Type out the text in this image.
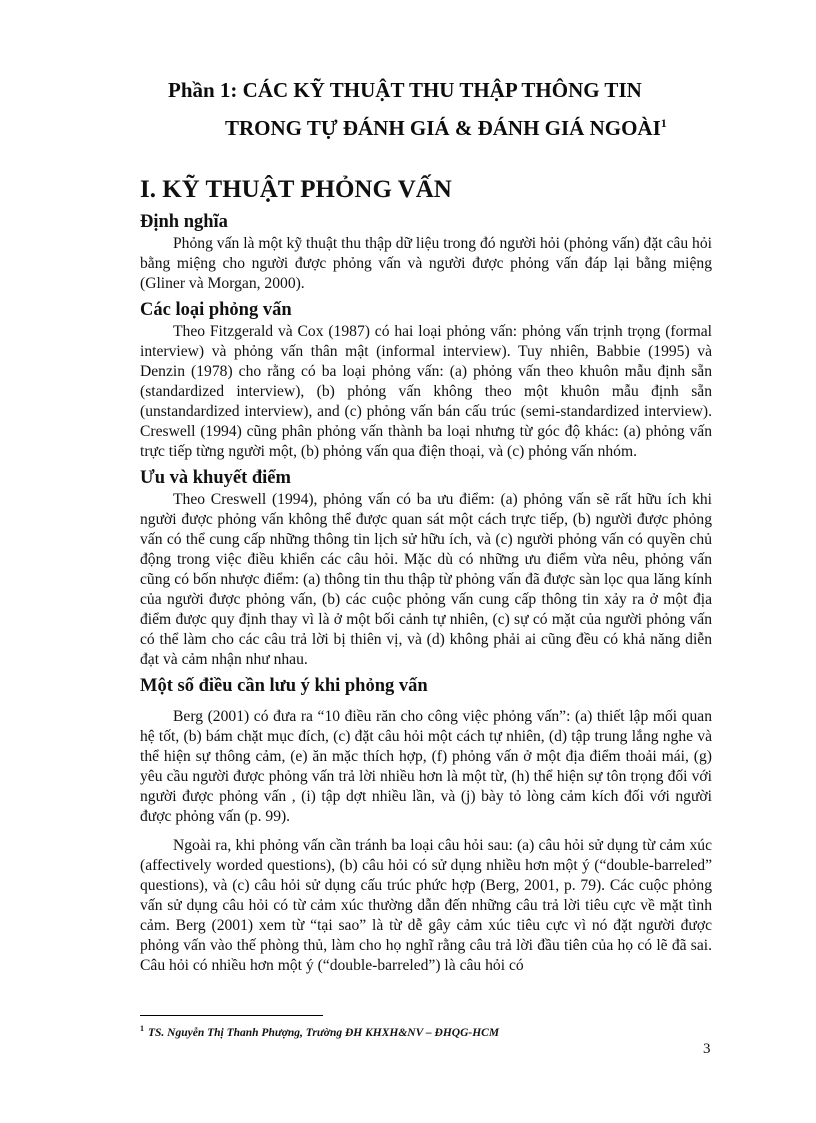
Phần 1: CÁC KỸ THUẬT THU THẬP THÔNG TIN
TRONG TỰ ĐÁNH GIÁ & ĐÁNH GIÁ NGOÀI$^1$
I. KỸ THUẬT PHỎNG VẤN
Định nghĩa

Phỏng vấn là một kỹ thuật thu thập dữ liệu trong đó người hỏi (phỏng vấn) đặt câu hỏi bằng miệng cho người được phỏng vấn và người được phỏng vấn đáp lại bằng miệng (Gliner và Morgan, 2000).

Các loại phỏng vấn

Theo Fitzgerald và Cox (1987) có hai loại phỏng vấn: phỏng vấn trịnh trọng (formal interview) và phỏng vấn thân mật (informal interview). Tuy nhiên, Babbie (1995) và Denzin (1978) cho rằng có ba loại phỏng vấn: (a) phỏng vấn theo khuôn mẫu định sẵn (standardized interview), (b) phỏng vấn không theo một khuôn mẫu định sẵn (unstandardized interview), and (c) phỏng vấn bán cấu trúc (semi-standardized interview). Creswell (1994) cũng phân phỏng vấn thành ba loại nhưng từ góc độ khác: (a) phỏng vấn trực tiếp từng người một, (b) phỏng vấn qua điện thoại, và (c) phỏng vấn nhóm.

Ưu và khuyết điểm

Theo Creswell (1994), phỏng vấn có ba ưu điểm: (a) phỏng vấn sẽ rất hữu ích khi người được phỏng vấn không thể được quan sát một cách trực tiếp, (b) người được phỏng vấn có thể cung cấp những thông tin lịch sử hữu ích, và (c) người phỏng vấn có quyền chủ động trong việc điều khiển các câu hỏi. Mặc dù có những ưu điểm vừa nêu, phỏng vấn cũng có bốn nhược điểm: (a) thông tin thu thập từ phỏng vấn đã được sàn lọc qua lăng kính của người được phỏng vấn, (b) các cuộc phỏng vấn cung cấp thông tin xảy ra ở một địa điểm được quy định thay vì là ở một bối cảnh tự nhiên, (c) sự có mặt của người phỏng vấn có thể làm cho các câu trả lời bị thiên vị, và (d) không phải ai cũng đều có khả năng diễn đạt và cảm nhận như nhau.

Một số điều cần lưu ý khi phỏng vấn

Berg (2001) có đưa ra “10 điều răn cho công việc phỏng vấn”: (a) thiết lập mối quan hệ tốt, (b) bám chặt mục đích, (c) đặt câu hỏi một cách tự nhiên, (d) tập trung lắng nghe và thể hiện sự thông cảm, (e) ăn mặc thích hợp, (f) phỏng vấn ở một địa điểm thoải mái, (g) yêu cầu người được phỏng vấn trả lời nhiều hơn là một từ, (h) thể hiện sự tôn trọng đối với người được phỏng vấn , (i) tập dợt nhiều lần, và (j) bày tỏ lòng cảm kích đối với người được phỏng vấn (p. 99).

Ngoài ra, khi phỏng vấn cần tránh ba loại câu hỏi sau: (a) câu hỏi sử dụng từ cảm xúc (affectively worded questions), (b) câu hỏi có sử dụng nhiều hơn một ý (“double-barreled” questions), và (c) câu hỏi sử dụng cấu trúc phức hợp (Berg, 2001, p. 79). Các cuộc phỏng vấn sử dụng câu hỏi có từ cảm xúc thường dẫn đến những câu trả lời tiêu cực về mặt tình cảm. Berg (2001) xem từ “tại sao” là từ dễ gây cảm xúc tiêu cực vì nó đặt người được phỏng vấn vào thế phòng thủ, làm cho họ nghĩ rằng câu trả lời đầu tiên của họ có lẽ đã sai. Câu hỏi có nhiều hơn một ý (“double-barreled”) là câu hỏi có

$^1$ TS. Nguyễn Thị Thanh Phượng, Trường ĐH KHXH&NV – ĐHQG-HCM
3
